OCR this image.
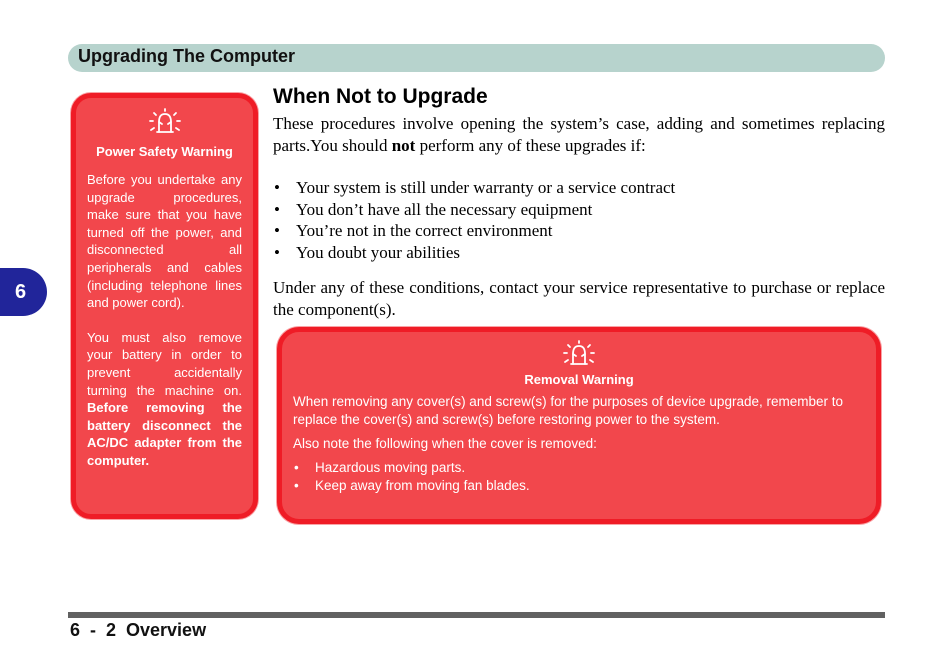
Upgrading The Computer
6
Power Safety Warning

Before you undertake any upgrade procedures, make sure that you have turned off the power, and disconnected all peripherals and cables (including telephone lines and power cord).

You must also remove your battery in order to prevent accidentally turning the machine on. Before removing the battery disconnect the AC/DC adapter from the computer.

When Not to Upgrade

These procedures involve opening the system’s case, adding and sometimes replacing parts.You should not perform any of these upgrades if:

• Your system is still under warranty or a service contract
• You don’t have all the necessary equipment
• You’re not in the correct environment
• You doubt your abilities

Under any of these conditions, contact your service representative to purchase or replace the component(s).

Removal Warning

When removing any cover(s) and screw(s) for the purposes of device upgrade, remember to replace the cover(s) and screw(s) before restoring power to the system.

Also note the following when the cover is removed:

• Hazardous moving parts.
• Keep away from moving fan blades.
6  -  2  Overview
